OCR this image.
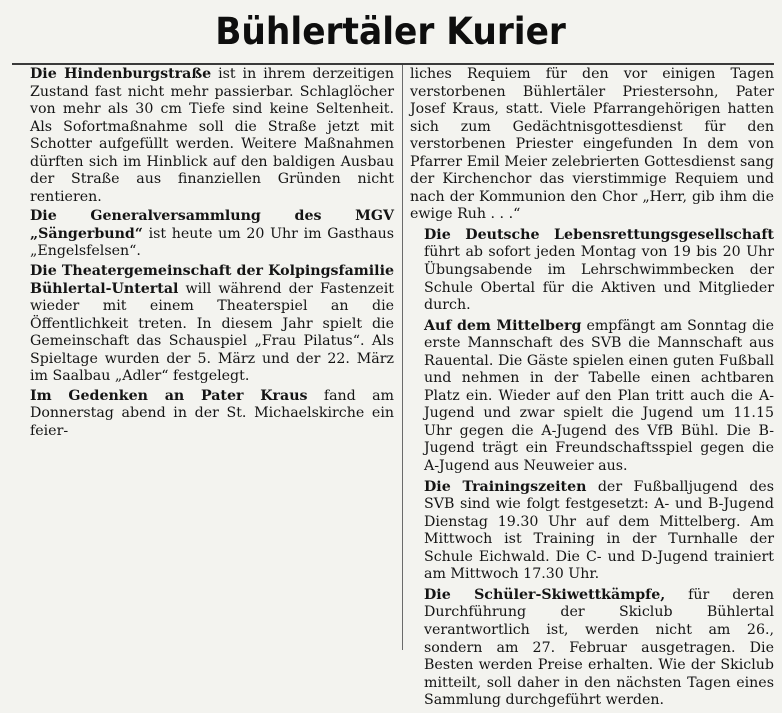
Bühlertäler Kurier

Die Hindenburgstraße ist in ihrem derzeitigen Zustand fast nicht mehr passierbar. Schlaglöcher von mehr als 30 cm Tiefe sind keine Seltenheit. Als Sofortmaßnahme soll die Straße jetzt mit Schotter aufgefüllt werden. Weitere Maßnahmen dürften sich im Hinblick auf den baldigen Ausbau der Straße aus finanziellen Gründen nicht rentieren.

Die Generalversammlung des MGV „Sängerbund“ ist heute um 20 Uhr im Gasthaus „Engelsfelsen“.

Die Theatergemeinschaft der Kolpingsfamilie Bühlertal-Untertal will während der Fastenzeit wieder mit einem Theaterspiel an die Öffentlichkeit treten. In diesem Jahr spielt die Gemeinschaft das Schauspiel „Frau Pilatus“. Als Spieltage wurden der 5. März und der 22. März im Saalbau „Adler“ festgelegt.

Im Gedenken an Pater Kraus fand am Donnerstag abend in der St. Michaelskirche ein feier-

liches Requiem für den vor einigen Tagen verstorbenen Bühlertäler Priestersohn, Pater Josef Kraus, statt. Viele Pfarrangehörigen hatten sich zum Gedächtnisgottesdienst für den verstorbenen Priester eingefunden In dem von Pfarrer Emil Meier zelebrierten Gottesdienst sang der Kirchenchor das vierstimmige Requiem und nach der Kommunion den Chor „Herr, gib ihm die ewige Ruh . . .“

Die Deutsche Lebensrettungsgesellschaft führt ab sofort jeden Montag von 19 bis 20 Uhr Übungsabende im Lehrschwimmbecken der Schule Obertal für die Aktiven und Mitglieder durch.

Auf dem Mittelberg empfängt am Sonntag die erste Mannschaft des SVB die Mannschaft aus Rauental. Die Gäste spielen einen guten Fußball und nehmen in der Tabelle einen achtbaren Platz ein. Wieder auf den Plan tritt auch die A-Jugend und zwar spielt die Jugend um 11.15 Uhr gegen die A-Jugend des VfB Bühl. Die B-Jugend trägt ein Freundschaftsspiel gegen die A-Jugend aus Neuweier aus.

Die Trainingszeiten der Fußballjugend des SVB sind wie folgt festgesetzt: A- und B-Jugend Dienstag 19.30 Uhr auf dem Mittelberg. Am Mittwoch ist Training in der Turnhalle der Schule Eichwald. Die C- und D-Jugend trainiert am Mittwoch 17.30 Uhr.

Die Schüler-Skiwettkämpfe, für deren Durchführung der Skiclub Bühlertal verantwortlich ist, werden nicht am 26., sondern am 27. Februar ausgetragen. Die Besten werden Preise erhalten. Wie der Skiclub mitteilt, soll daher in den nächsten Tagen eines Sammlung durchgeführt werden.
